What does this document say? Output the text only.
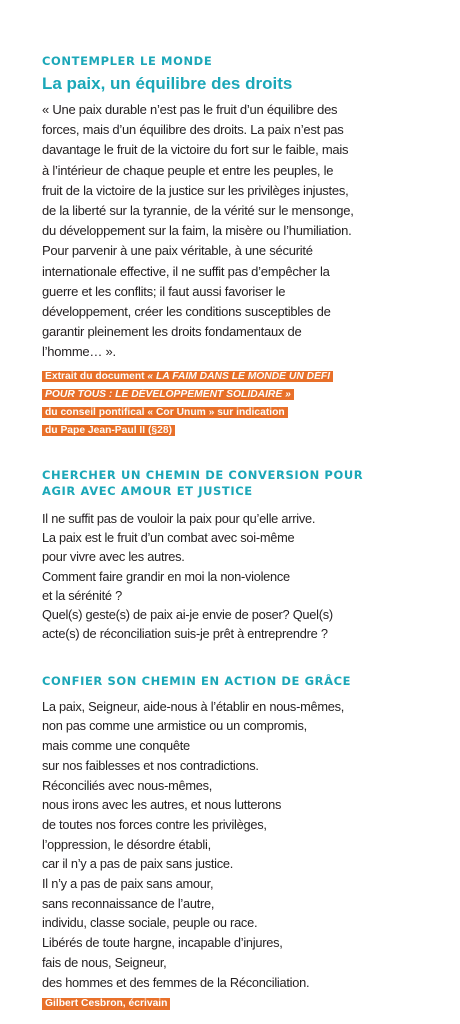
CONTEMPLER LE MONDE
La paix, un équilibre des droits

« Une paix durable n’est pas le fruit d’un équilibre des
forces, mais d’un équilibre des droits. La paix n’est pas
davantage le fruit de la victoire du fort sur le faible, mais
à l’intérieur de chaque peuple et entre les peuples, le
fruit de la victoire de la justice sur les privilèges injustes,
de la liberté sur la tyrannie, de la vérité sur le mensonge,
du développement sur la faim, la misère ou l’humiliation.
Pour parvenir à une paix véritable, à une sécurité
internationale effective, il ne suffit pas d’empêcher la
guerre et les conflits; il faut aussi favoriser le
développement, créer les conditions susceptibles de
garantir pleinement les droits fondamentaux de
l’homme… ».

Extrait du document « LA FAIM DANS LE MONDE UN DÉFI
POUR TOUS : LE DÉVELOPPEMENT SOLIDAIRE »
du conseil pontifical « Cor Unum » sur indication
du Pape Jean-Paul II (§28)
CHERCHER UN CHEMIN DE CONVERSION POUR
AGIR AVEC AMOUR ET JUSTICE

Il ne suffit pas de vouloir la paix pour qu’elle arrive.
La paix est le fruit d’un combat avec soi-même
pour vivre avec les autres.
Comment faire grandir en moi la non-violence
et la sérénité ?
Quel(s) geste(s) de paix ai-je envie de poser? Quel(s)
acte(s) de réconciliation suis-je prêt à entreprendre ?

CONFIER SON CHEMIN EN ACTION DE GRÂCE

La paix, Seigneur, aide-nous à l’établir en nous-mêmes,
non pas comme une armistice ou un compromis,
mais comme une conquête
sur nos faiblesses et nos contradictions.
Réconciliés avec nous-mêmes,
nous irons avec les autres, et nous lutterons
de toutes nos forces contre les privilèges,
l’oppression, le désordre établi,
car il n’y a pas de paix sans justice.
Il n’y a pas de paix sans amour,
sans reconnaissance de l’autre,
individu, classe sociale, peuple ou race.
Libérés de toute hargne, incapable d’injures,
fais de nous, Seigneur,
des hommes et des femmes de la Réconciliation.

Gilbert Cesbron, écrivain
